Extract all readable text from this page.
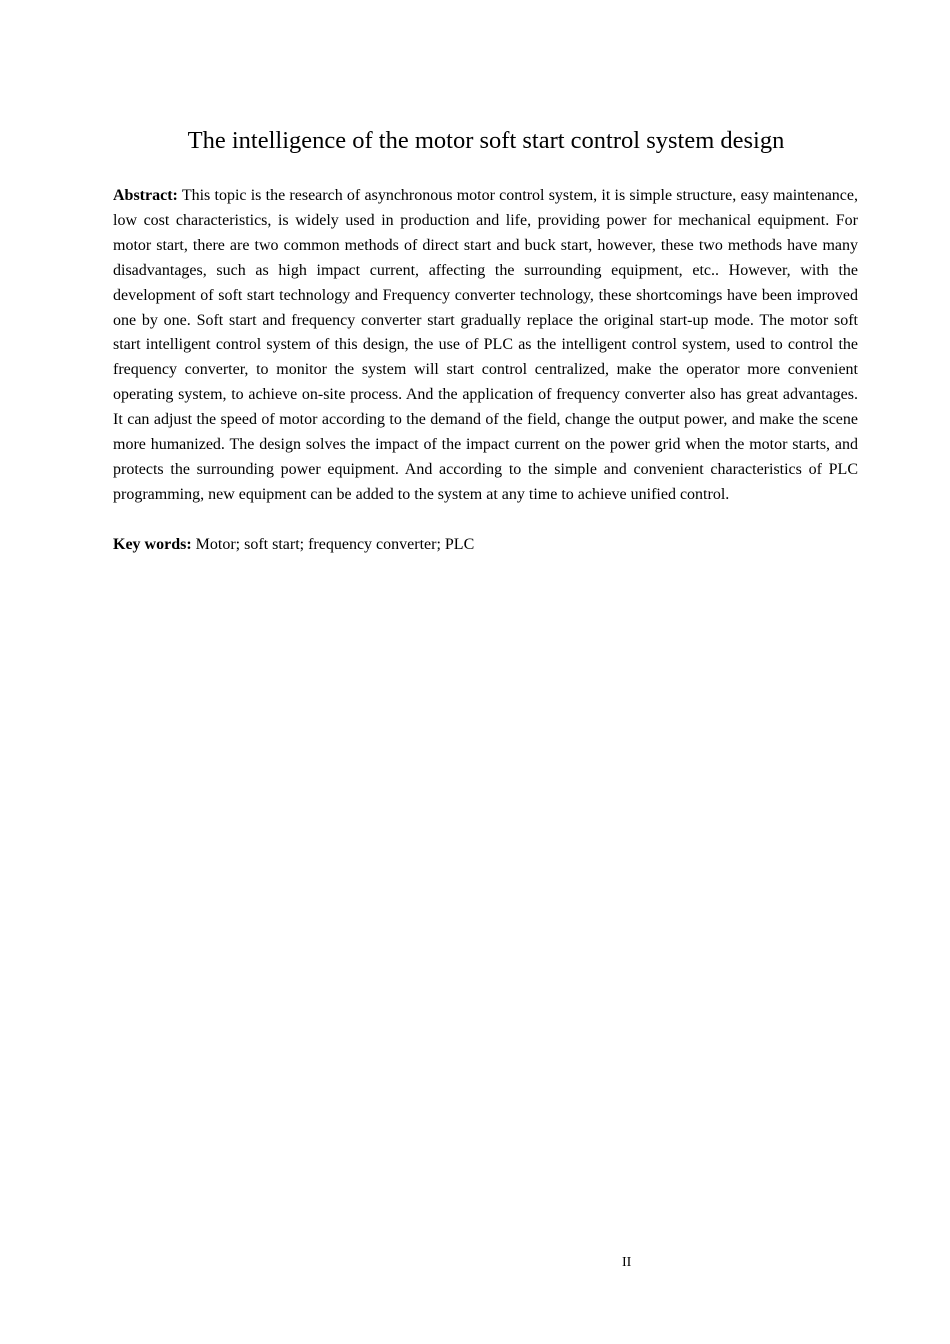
The intelligence of the motor soft start control system design

Abstract: This topic is the research of asynchronous motor control system, it is simple structure, easy maintenance, low cost characteristics, is widely used in production and life, providing power for mechanical equipment. For motor start, there are two common methods of direct start and buck start, however, these two methods have many disadvantages, such as high impact current, affecting the surrounding equipment, etc.. However, with the development of soft start technology and Frequency converter technology, these shortcomings have been improved one by one. Soft start and frequency converter start gradually replace the original start-up mode. The motor soft start intelligent control system of this design, the use of PLC as the intelligent control system, used to control the frequency converter, to monitor the system will start control centralized, make the operator more convenient operating system, to achieve on-site process. And the application of frequency converter also has great advantages. It can adjust the speed of motor according to the demand of the field, change the output power, and make the scene more humanized. The design solves the impact of the impact current on the power grid when the motor starts, and protects the surrounding power equipment. And according to the simple and convenient characteristics of PLC programming, new equipment can be added to the system at any time to achieve unified control.

Key words: Motor; soft start; frequency converter; PLC

II
